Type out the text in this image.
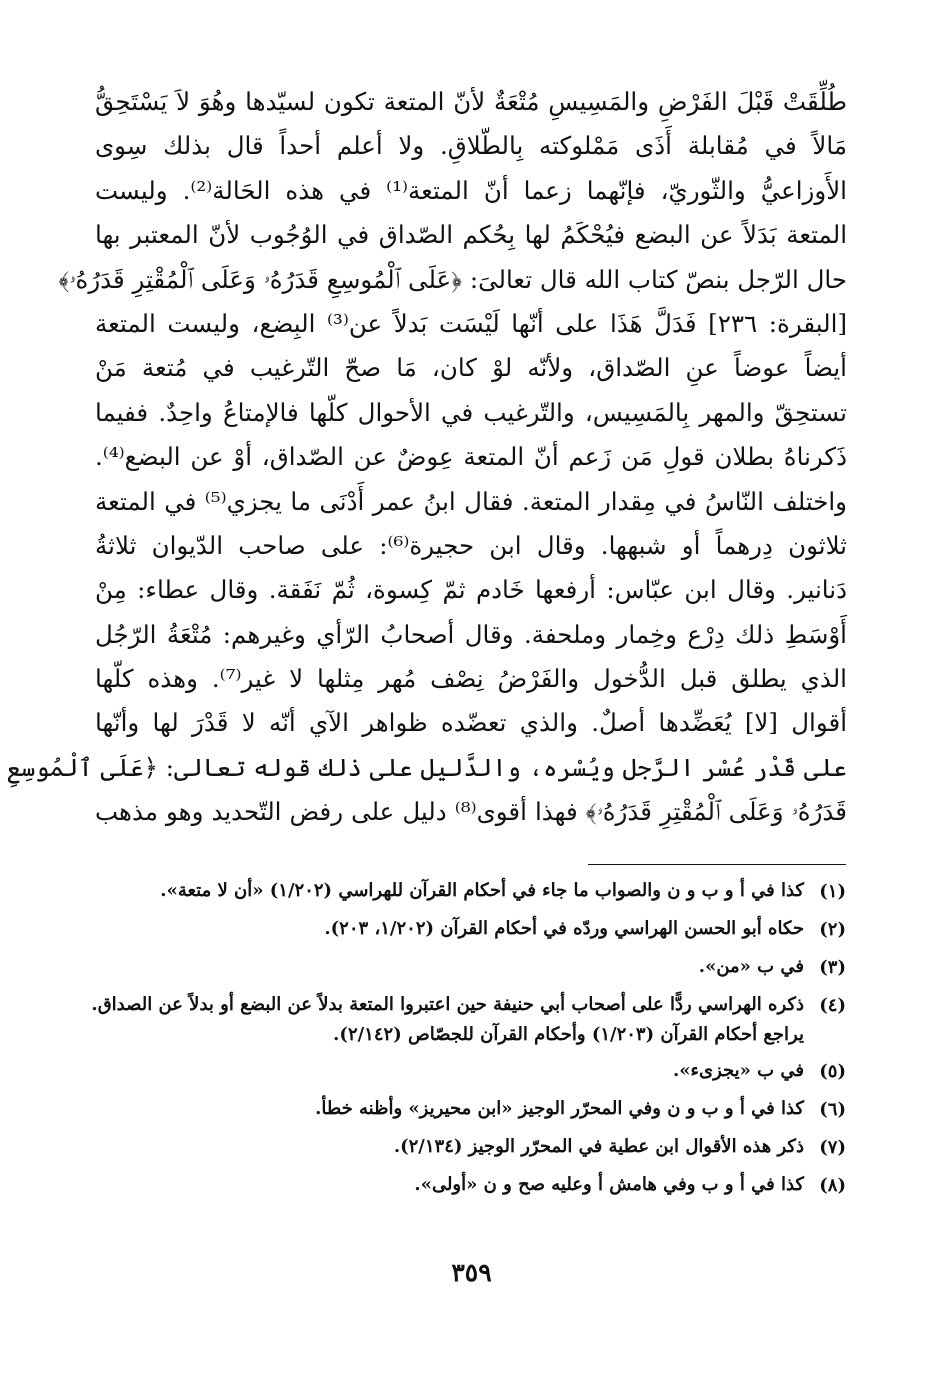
طُلِّقَتْ قَبْلَ الفَرْضِ والمَسِيسِ مُتْعَةٌ لأنّ المتعة تكون لسيّدها وهُوَ لاَ يَسْتَحِقُّ
مَالاً في مُقابلة أَذَى مَمْلوكته بِالطّلاقِ. ولا أعلم أحداً قال بذلك سِوى
الأَوزاعيُّ والثّوريّ، فإنّهما زعما أنّ المتعة⁽¹⁾ في هذه الحَالة⁽²⁾. وليست
المتعة بَدَلاً عن البضع فيُحْكَمُ لها بِحُكم الصّداق في الوُجُوب لأنّ المعتبر بها
حال الرّجل بنصّ كتاب الله قال تعالىَ: ﴿عَلَى ٱلْمُوسِعِ قَدَرُهُۥ وَعَلَى ٱلْمُقْتِرِ قَدَرُهُۥ﴾
[البقرة: ٢٣٦] فَدَلَّ هَذَا على أنّها لَيْسَت بَدلاً عن⁽³⁾ البِضع، وليست المتعة
أيضاً عوضاً عنِ الصّداق، ولأنّه لوْ كان، مَا صحّ التّرغيب في مُتعة مَنْ
تستحِقّ والمهر بِالمَسِيس، والتّرغيب في الأحوال كلّها فالإمتاعُ واحِدٌ. ففيما
ذَكرناهُ بطلان قولِ مَن زَعم أنّ المتعة عِوضٌ عن الصّداق، أوْ عن البضع⁽⁴⁾.
واختلف النّاسُ في مِقدار المتعة. فقال ابنُ عمر أَدْنَى ما يجزي⁽⁵⁾ في المتعة
ثلاثون دِرهماً أو شبهها. وقال ابن حجيرة⁽⁶⁾: على صاحب الدّيوان ثلاثةُ
دَنانير. وقال ابن عبّاس: أرفعها خَادم ثمّ كِسوة، ثُمّ نَفَقة. وقال عطاء: مِنْ
أَوْسَطِ ذلك دِرْع وخِمار وملحفة. وقال أصحابُ الرّأي وغيرهم: مُتْعَةُ الرّجُل
الذي يطلق قبل الدُّخول والفَرْضُ نِصْف مُهر مِثلها لا غير⁽⁷⁾. وهذه كلّها
أقوال [لا] يُعَضِّدها أصلٌ. والذي تعضّده ظواهر الآي أنّه لا قَدْرَ لها وأنّها
على قَدْر عُسْر الرَّجل ويُسْره، والدَّليل على ذلك قوله تعالى: ﴿عَلَى ٱلْمُوسِعِ
قَدَرُهُۥ وَعَلَى ٱلْمُقْتِرِ قَدَرُهُۥ﴾ فهذا أقوى⁽⁸⁾ دليل على رفض التّحديد وهو مذهب
(١)
كذا في أ و ب و ن والصواب ما جاء في أحكام القرآن للهراسي (١/٢٠٢) «أن لا متعة».
(٢)
حكاه أبو الحسن الهراسي وردّه في أحكام القرآن (١/٢٠٢، ٢٠٣).
(٣)
في ب «من».
(٤)
ذكره الهراسي ردًّا على أصحاب أبي حنيفة حين اعتبروا المتعة بدلاً عن البضع أو بدلاً عن الصداق. يراجع أحكام القرآن (١/٢٠٣) وأحكام القرآن للجصّاص (٢/١٤٢).
(٥)
في ب «يجزىء».
(٦)
كذا في أ و ب و ن وفي المحرّر الوجيز «ابن محيريز» وأظنه خطأ.
(٧)
ذكر هذه الأقوال ابن عطية في المحرّر الوجيز (٢/١٣٤).
(٨)
كذا في أ و ب وفي هامش أ وعليه صح و ن «أولى».
٣٥٩
